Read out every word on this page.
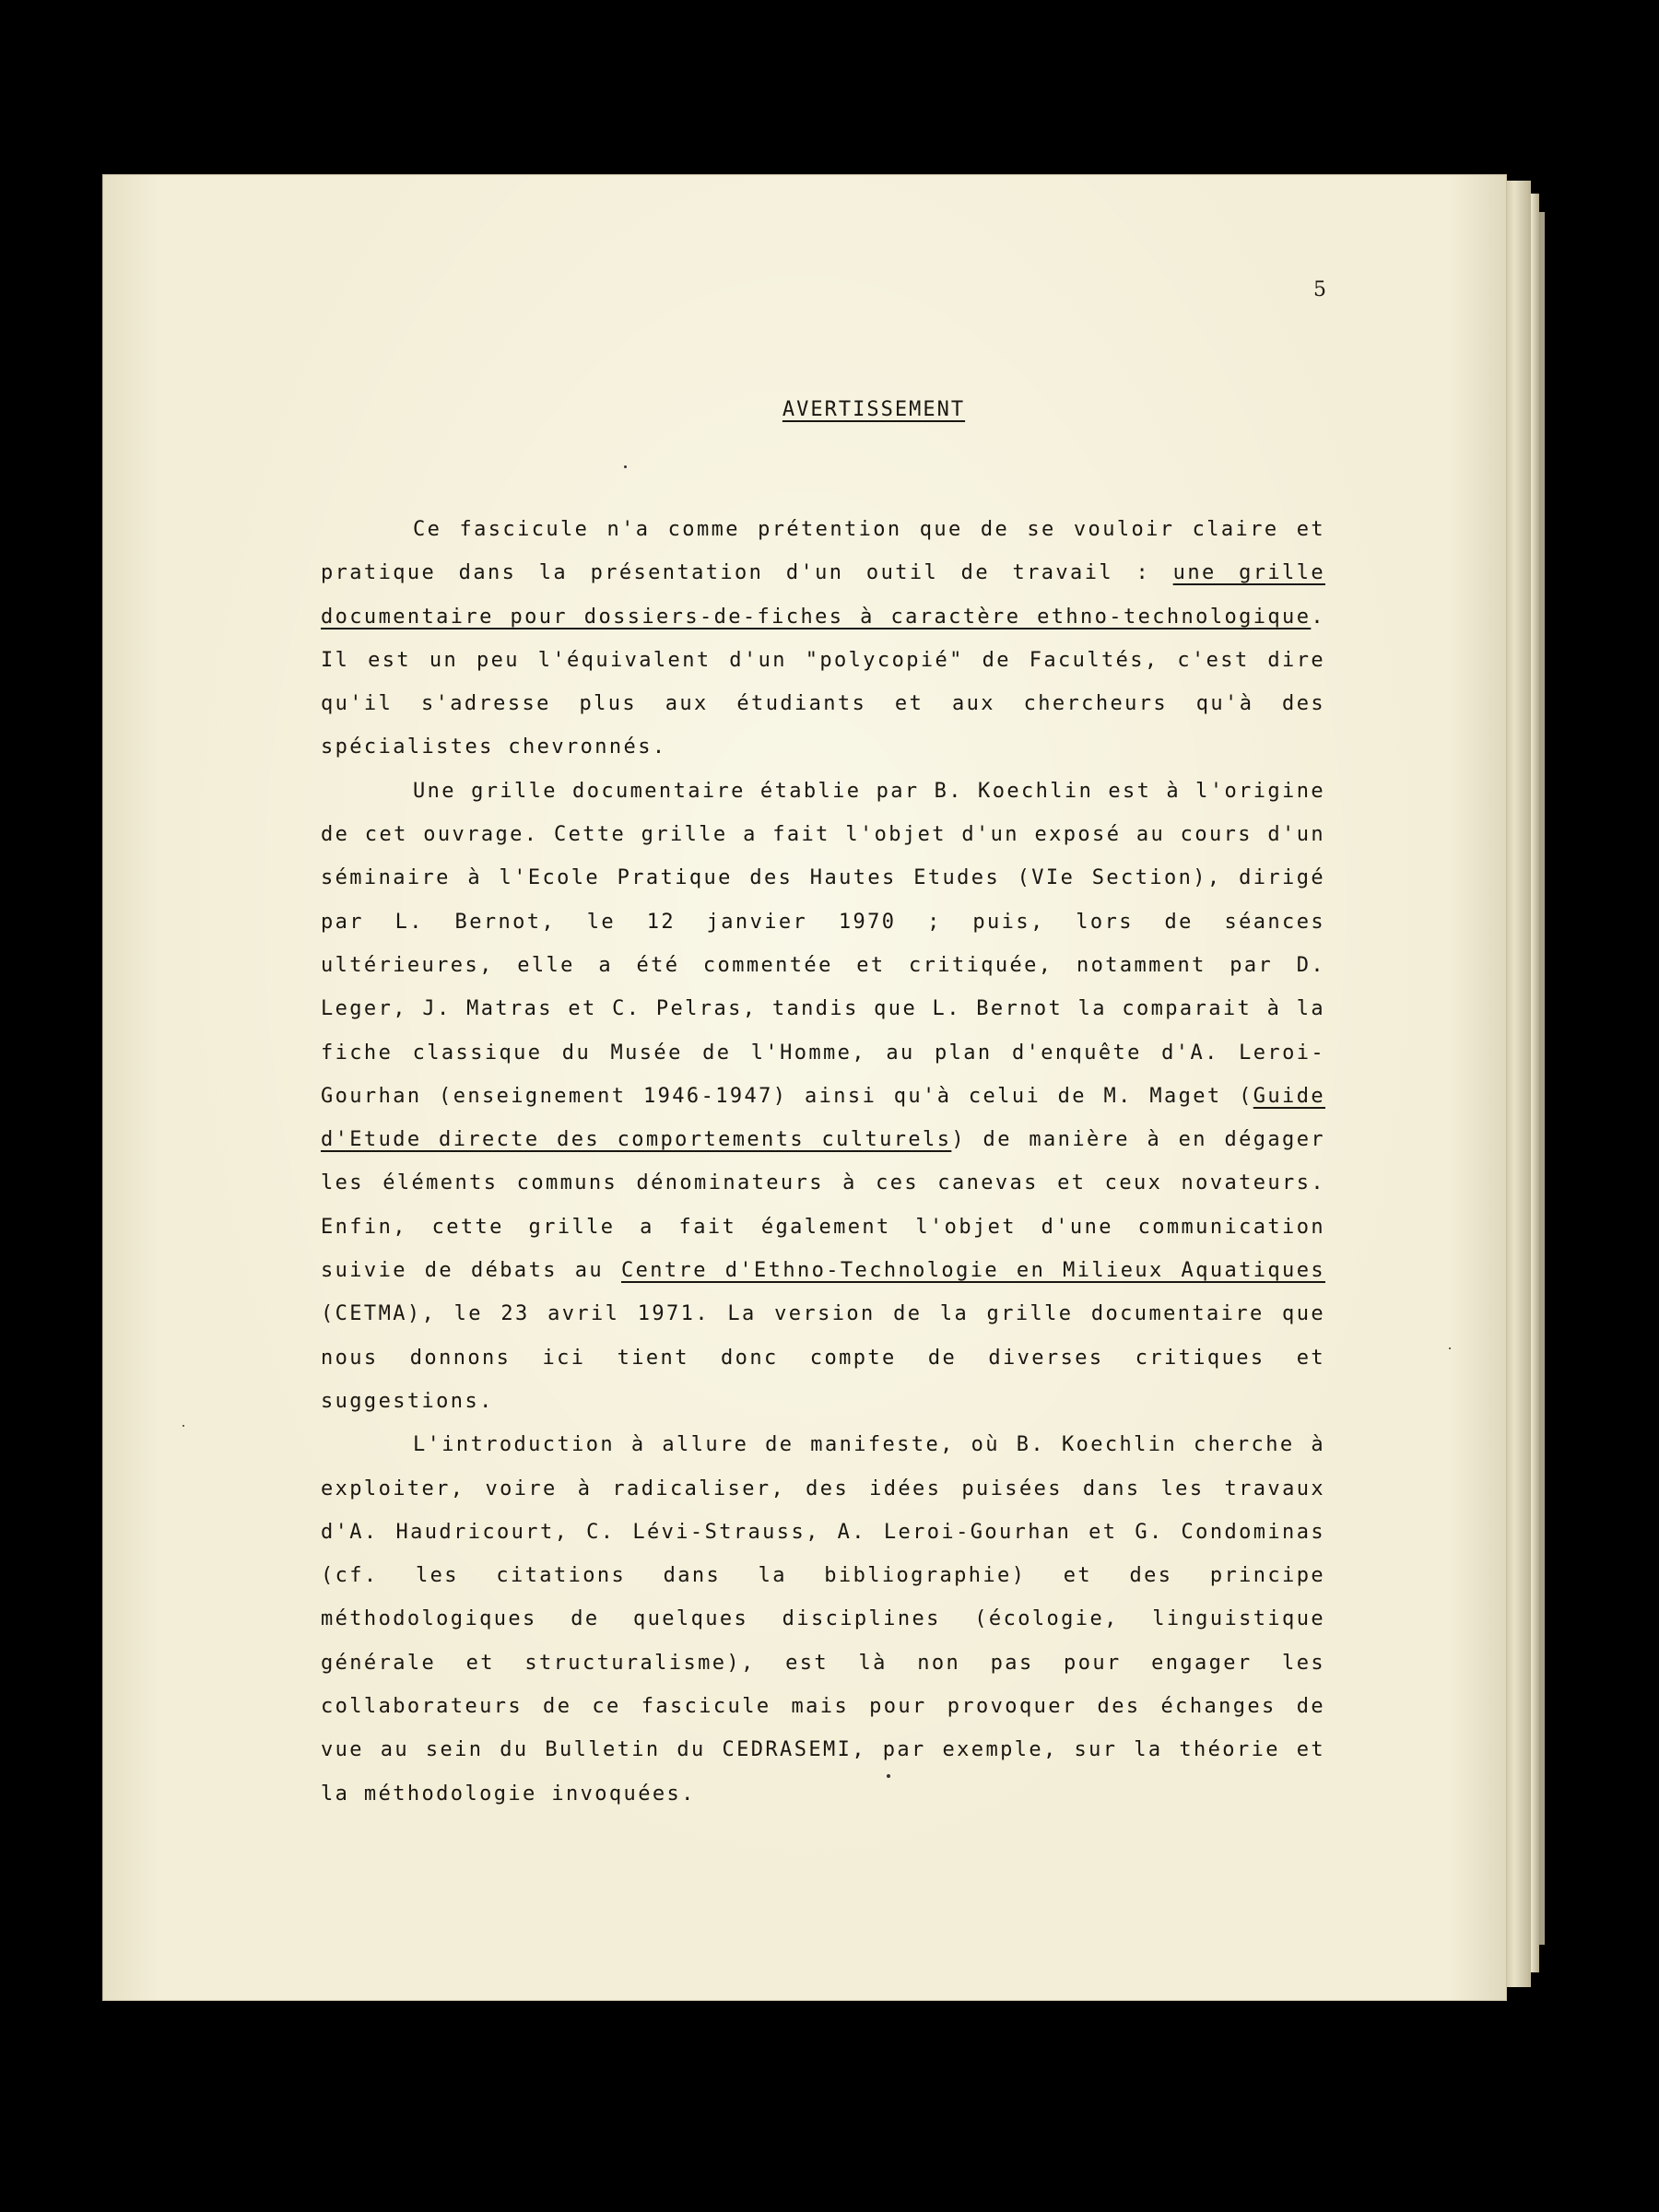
5
AVERTISSEMENT

Ce fascicule n'a comme prétention que de se vouloir claire et pratique dans la présentation d'un outil de travail : une grille documentaire pour dossiers-de-fiches à caractère ethno-technologique. Il est un peu l'équivalent d'un "polycopié" de Facultés, c'est dire qu'il s'adresse plus aux étudiants et aux chercheurs qu'à des spécialistes chevronnés.

Une grille documentaire établie par B. Koechlin est à l'origine de cet ouvrage. Cette grille a fait l'objet d'un exposé au cours d'un séminaire à l'Ecole Pratique des Hautes Etudes (VIe Section), dirigé par L. Bernot, le 12 janvier 1970 ; puis, lors de séances ultérieures, elle a été commentée et critiquée, notamment par D. Leger, J. Matras et C. Pelras, tandis que L. Bernot la comparait à la fiche classique du Musée de l'Homme, au plan d'enquête d'A. Leroi-Gourhan (enseignement 1946-1947) ainsi qu'à celui de M. Maget (Guide d'Etude directe des comportements culturels) de manière à en dégager les éléments communs dénominateurs à ces canevas et ceux novateurs. Enfin, cette grille a fait également l'objet d'une communication suivie de débats au Centre d'Ethno-Technologie en Milieux Aquatiques (CETMA), le 23 avril 1971. La version de la grille documentaire que nous donnons ici tient donc compte de diverses critiques et suggestions.

L'introduction à allure de manifeste, où B. Koechlin cherche à exploiter, voire à radicaliser, des idées puisées dans les travaux d'A. Haudricourt, C. Lévi-Strauss, A. Leroi-Gourhan et G. Condominas (cf. les citations dans la bibliographie) et des principe méthodologiques de quelques disciplines (écologie, linguistique générale et structuralisme), est là non pas pour engager les collaborateurs de ce fascicule mais pour provoquer des échanges de vue au sein du Bulletin du CEDRASEMI, par exemple, sur la théorie et la méthodologie invoquées.
